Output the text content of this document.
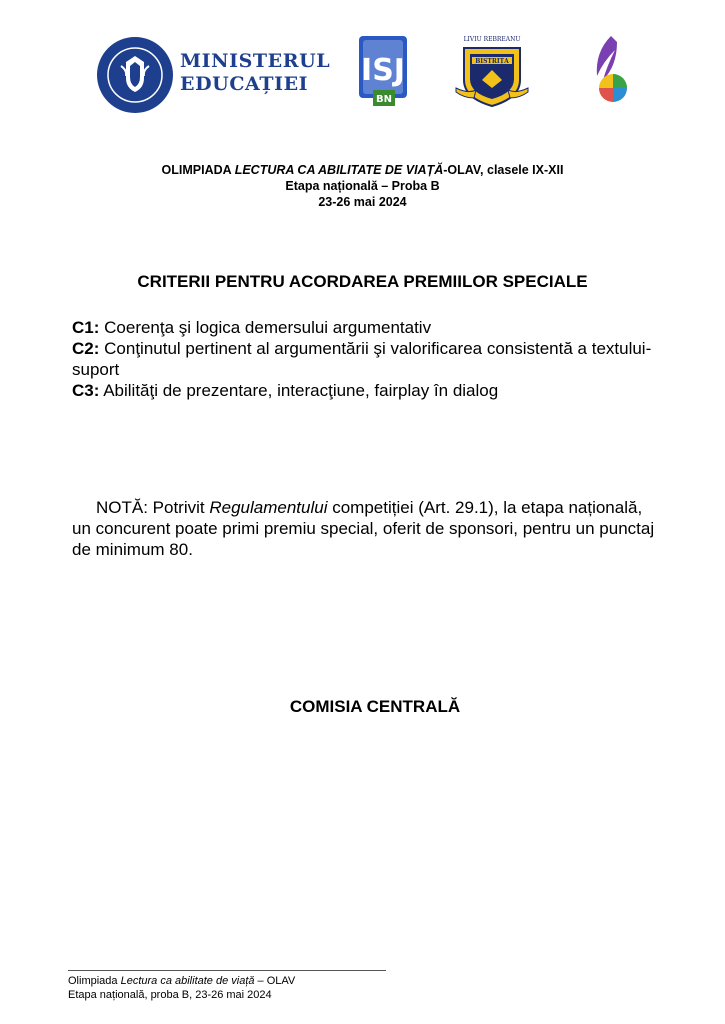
MINISTERUL
EDUCAȚIEI	ISJ
BN
BISTRIȚA
LIVIU REBREANU
OLIMPIADA LECTURA CA ABILITATE DE VIAȚĂ-OLAV, clasele IX-XII
Etapa națională – Proba B
23-26 mai 2024
CRITERII PENTRU ACORDAREA PREMIILOR SPECIALE
C1: Coerenţa şi logica demersului argumentativ
C2: Conţinutul pertinent al argumentării şi valorificarea consistentă a textului-suport
C3: Abilităţi de prezentare, interacţiune, fairplay în dialog
NOTĂ: Potrivit Regulamentului competiției (Art. 29.1), la etapa națională, un concurent poate primi premiu special, oferit de sponsori, pentru un punctaj de minimum 80.
COMISIA CENTRALĂ
Olimpiada Lectura ca abilitate de viață – OLAV
Etapa națională, proba B, 23-26 mai 2024
